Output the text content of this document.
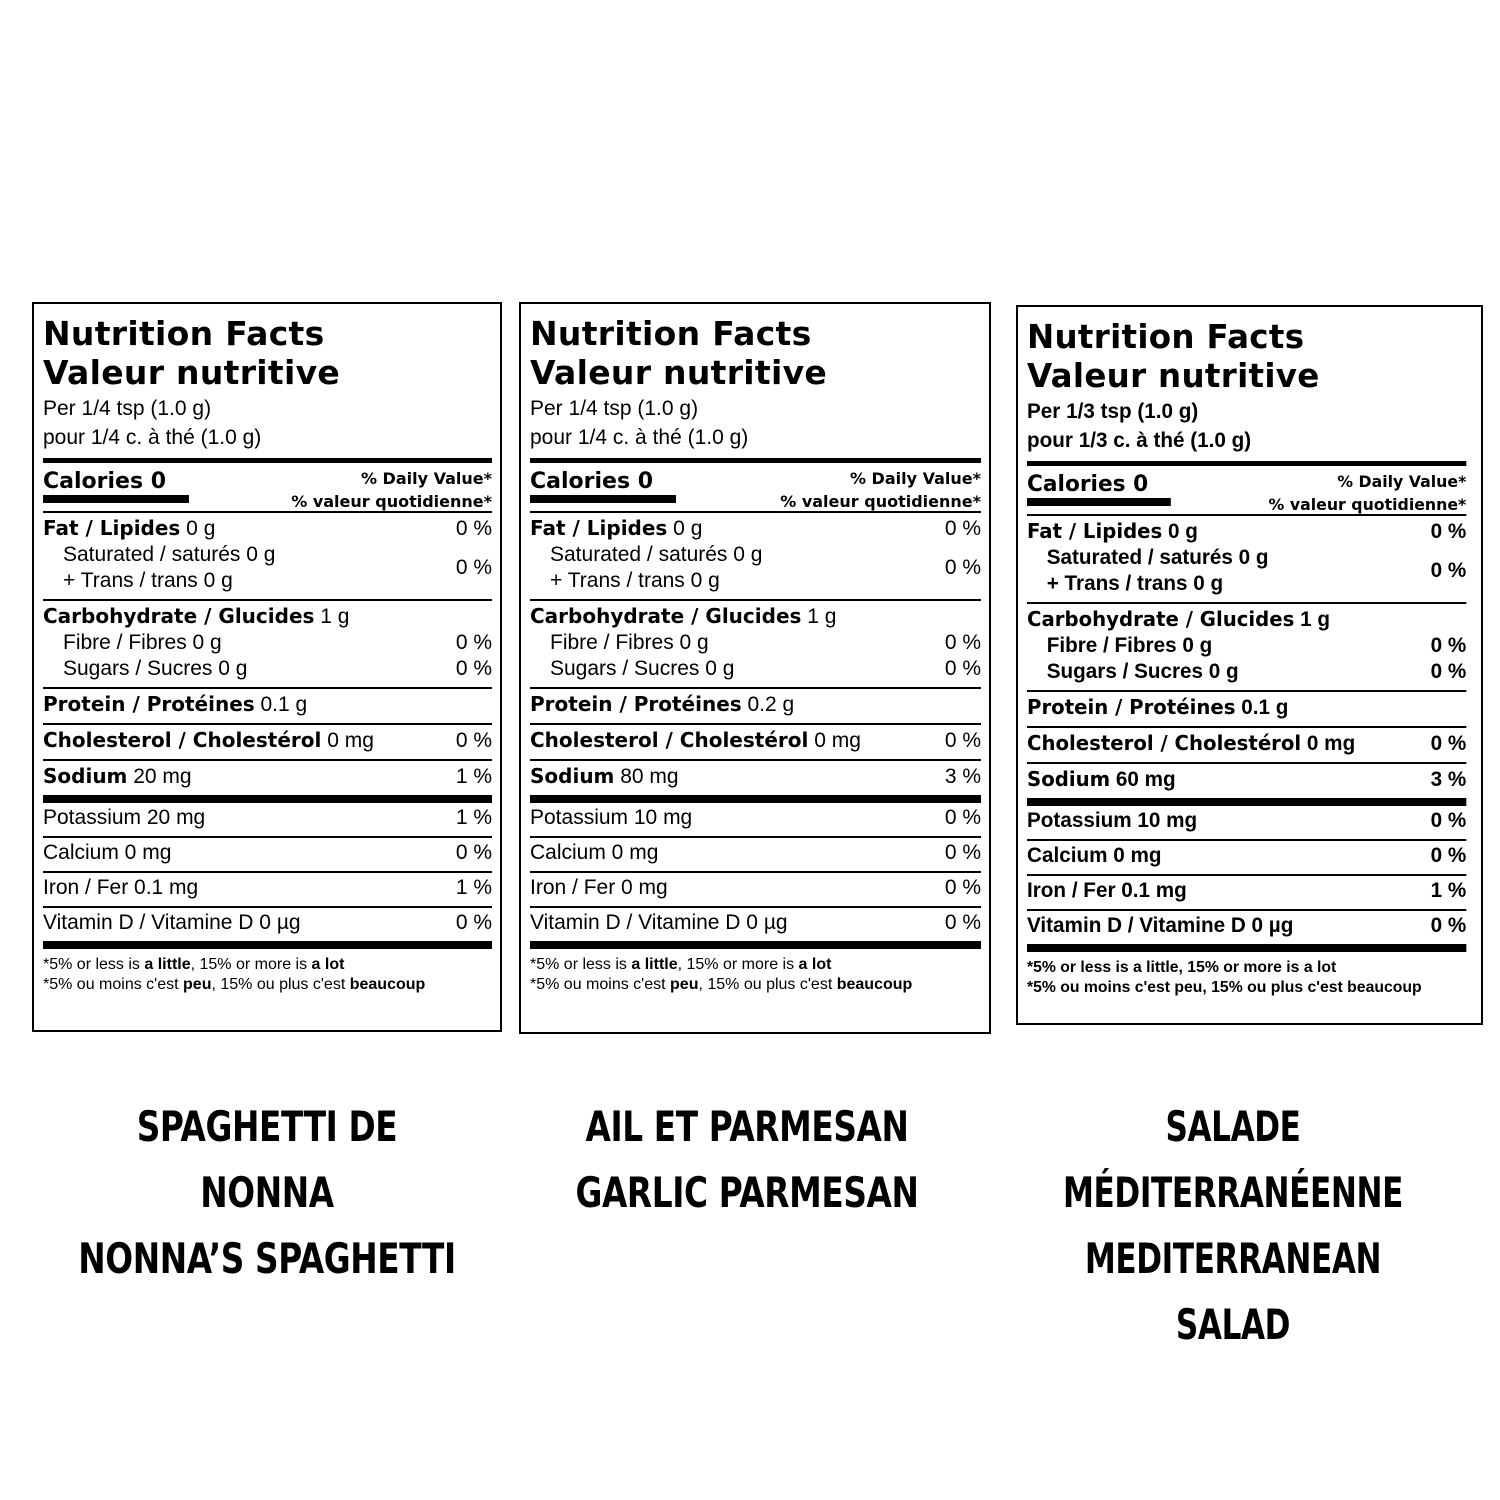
Nutrition Facts
Valeur nutritive
Per 1/4 tsp (1.0 g)
pour 1/4 c. à thé (1.0 g)
Calories 0	% Daily Value*
% valeur quotidienne*
Fat / Lipides 0 g	0 %
Saturated / saturés 0 g
+ Trans / trans 0 g
0 %
Carbohydrate / Glucides 1 g
Fibre / Fibres 0 g	0 %
Sugars / Sucres 0 g	0 %
Protein / Protéines 0.1 g
Cholesterol / Cholestérol 0 mg	0 %
Sodium 20 mg	1 %
Potassium 20 mg	1 %
Calcium 0 mg	0 %
Iron / Fer 0.1 mg	1 %
Vitamin D / Vitamine D 0 µg	0 %
*5% or less is a little, 15% or more is a lot
*5% ou moins c'est peu, 15% ou plus c'est beaucoup
Nutrition Facts
Valeur nutritive
Per 1/4 tsp (1.0 g)
pour 1/4 c. à thé (1.0 g)
Calories 0	% Daily Value*
% valeur quotidienne*
Fat / Lipides 0 g	0 %
Saturated / saturés 0 g
+ Trans / trans 0 g
0 %
Carbohydrate / Glucides 1 g
Fibre / Fibres 0 g	0 %
Sugars / Sucres 0 g	0 %
Protein / Protéines 0.2 g
Cholesterol / Cholestérol 0 mg	0 %
Sodium 80 mg	3 %
Potassium 10 mg	0 %
Calcium 0 mg	0 %
Iron / Fer 0 mg	0 %
Vitamin D / Vitamine D 0 µg	0 %
*5% or less is a little, 15% or more is a lot
*5% ou moins c'est peu, 15% ou plus c'est beaucoup
Nutrition Facts
Valeur nutritive
Per 1/3 tsp (1.0 g)
pour 1/3 c. à thé (1.0 g)
Calories 0	% Daily Value*
% valeur quotidienne*
Fat / Lipides 0 g	0 %
Saturated / saturés 0 g
+ Trans / trans 0 g
0 %
Carbohydrate / Glucides 1 g
Fibre / Fibres 0 g	0 %
Sugars / Sucres 0 g	0 %
Protein / Protéines 0.1 g
Cholesterol / Cholestérol 0 mg	0 %
Sodium 60 mg	3 %
Potassium 10 mg	0 %
Calcium 0 mg	0 %
Iron / Fer 0.1 mg	1 %
Vitamin D / Vitamine D 0 µg	0 %
*5% or less is a little, 15% or more is a lot
*5% ou moins c'est peu, 15% ou plus c'est beaucoup
SPAGHETTI DE NONNA
NONNA’S SPAGHETTI
AIL ET PARMESAN
GARLIC PARMESAN
SALADE MÉDITERRANÉENNE
MEDITERRANEAN SALAD
